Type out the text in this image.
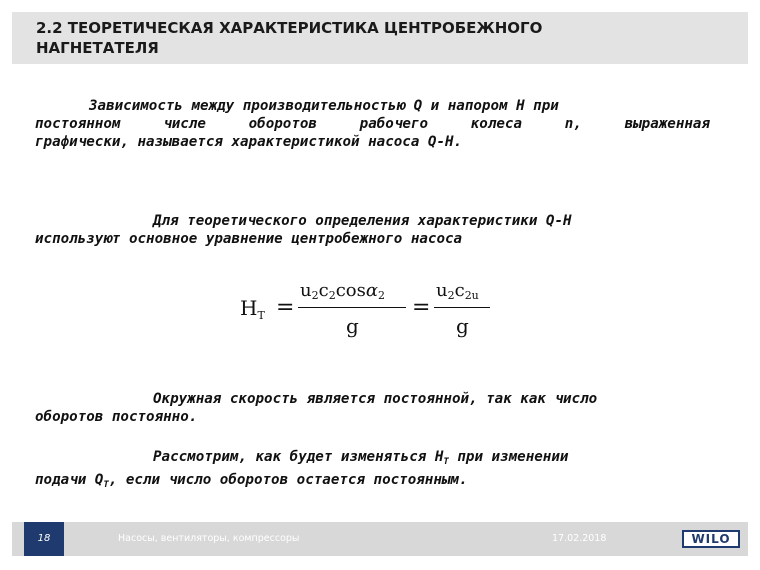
2.2 ТЕОРЕТИЧЕСКАЯ ХАРАКТЕРИСТИКА ЦЕНТРОБЕЖНОГО
НАГНЕТАТЕЛЯ
Зависимость между производительностью Q и напором H при
постоянном числе оборотов рабочего колеса n, выраженная
графически, называется характеристикой насоса Q-H.
Для теоретического определения характеристики Q-H
используют основное уравнение центробежного насоса
$H_T$ =
u2c2cosα2
g
=
u2c2u
g
Окружная скорость является постоянной, так как число
оборотов постоянно.
Рассмотрим, как будет изменяться $H_T$ при изменении
подачи $Q_T$, если число оборотов остается постоянным.
18	Насосы, вентиляторы, компрессоры	17.02.2018	WILO
